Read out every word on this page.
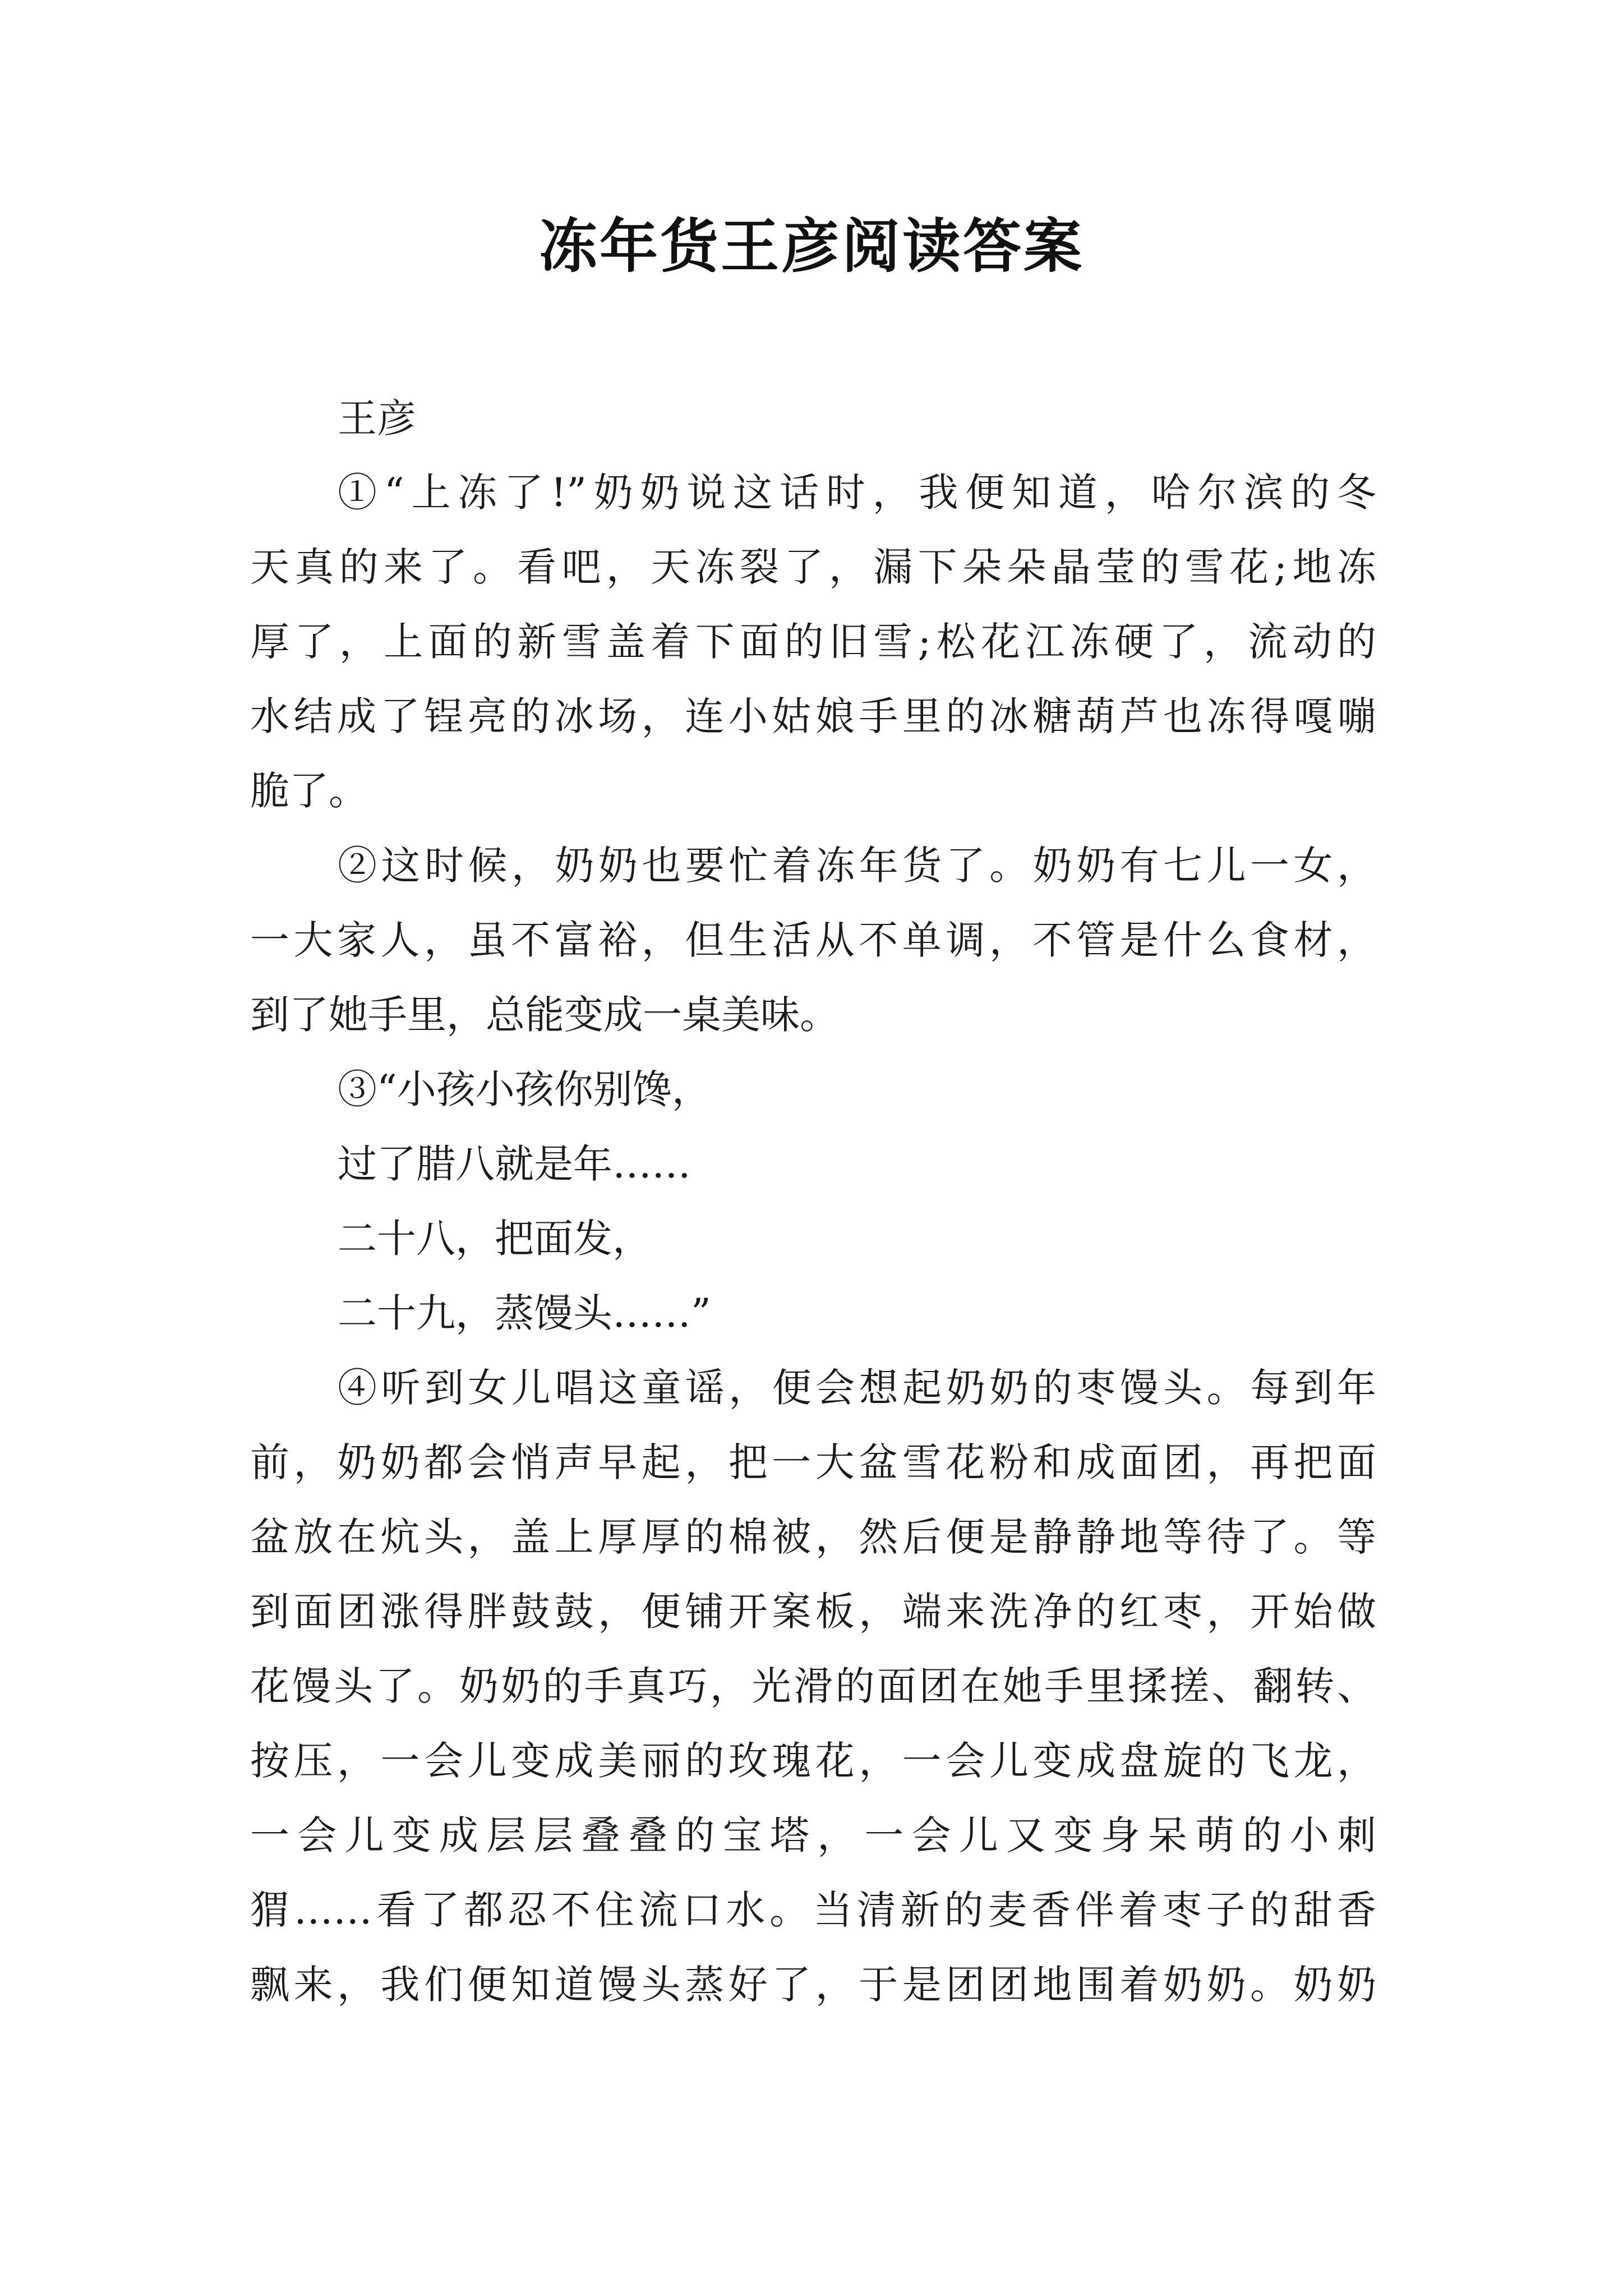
冻年货王彦阅读答案
王彦
①“上冻了!”奶奶说这话时，我便知道，哈尔滨的冬
天真的来了。看吧，天冻裂了，漏下朵朵晶莹的雪花;地冻
厚了，上面的新雪盖着下面的旧雪;松花江冻硬了，流动的
水结成了锃亮的冰场，连小姑娘手里的冰糖葫芦也冻得嘎嘣
脆了。
②这时候，奶奶也要忙着冻年货了。奶奶有七儿一女，
一大家人，虽不富裕，但生活从不单调，不管是什么食材，
到了她手里，总能变成一桌美味。
③“小孩小孩你别馋，
过了腊八就是年……
二十八，把面发，
二十九，蒸馒头……”
④听到女儿唱这童谣，便会想起奶奶的枣馒头。每到年
前，奶奶都会悄声早起，把一大盆雪花粉和成面团，再把面
盆放在炕头，盖上厚厚的棉被，然后便是静静地等待了。等
到面团涨得胖鼓鼓，便铺开案板，端来洗净的红枣，开始做
花馒头了。奶奶的手真巧，光滑的面团在她手里揉搓、翻转、
按压，一会儿变成美丽的玫瑰花，一会儿变成盘旋的飞龙，
一会儿变成层层叠叠的宝塔，一会儿又变身呆萌的小刺
猬……看了都忍不住流口水。当清新的麦香伴着枣子的甜香
飘来，我们便知道馒头蒸好了，于是团团地围着奶奶。奶奶
